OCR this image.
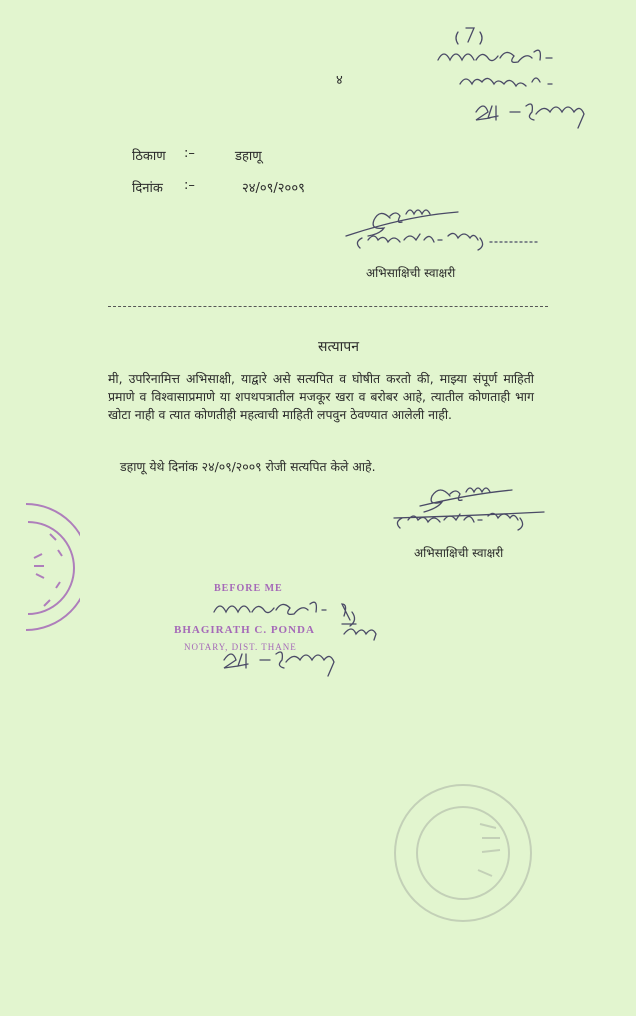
४
ठिकाण :–	डहाणू
दिनांक :–	२४/०९/२००९
अभिसाक्षिची स्वाक्षरी
सत्यापन
मी, उपरिनामित्त अभिसाक्षी, याद्वारे असे सत्यपित व घोषीत करतो की, माझ्या संपूर्ण माहिती प्रमाणे व विश्वासाप्रमाणे या शपथपत्रातील मजकूर खरा व बरोबर आहे, त्यातील कोणताही भाग खोटा नाही व त्यात कोणतीही महत्वाची माहिती लपवुन ठेवण्यात आलेली नाही.
डहाणू येथे दिनांक २४/०९/२००९ रोजी सत्यपित केले आहे.
अभिसाक्षिची स्वाक्षरी
BEFORE ME
BHAGIRATH C. PONDA
NOTARY, DIST. THANE
